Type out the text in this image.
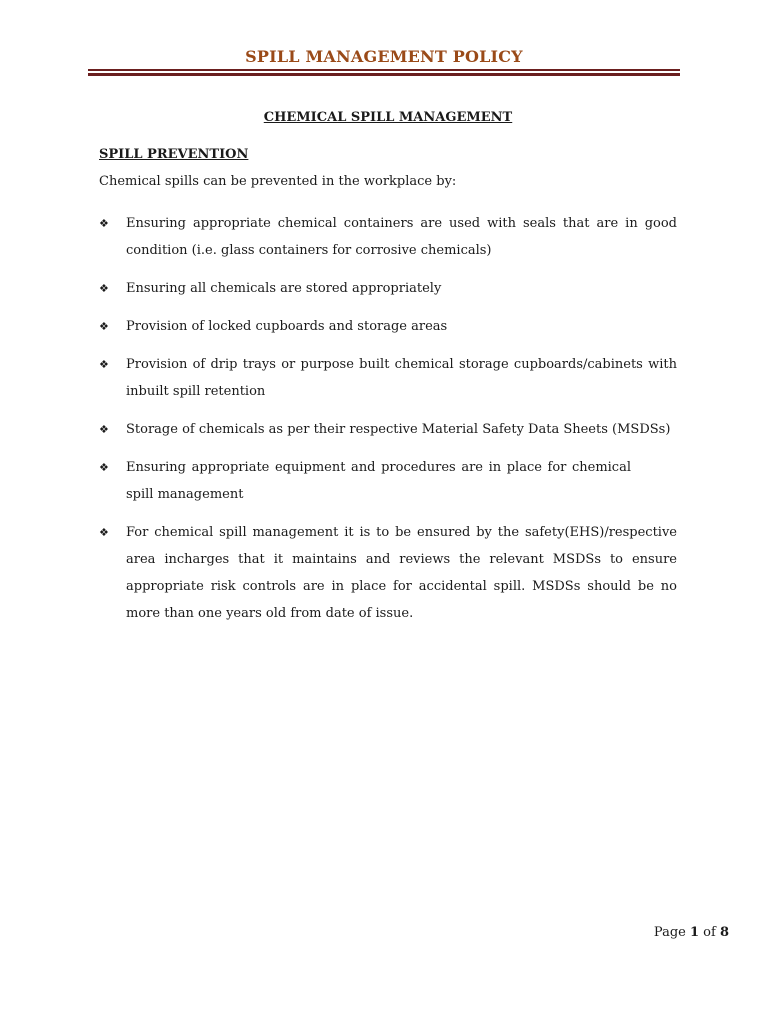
SPILL MANAGEMENT POLICY
CHEMICAL SPILL MANAGEMENT
SPILL PREVENTION
Chemical spills can be prevented in the workplace by:
❖	Ensuring appropriate chemical containers are used with seals that are in good condition (i.e. glass containers for corrosive chemicals)
❖	Ensuring all chemicals are stored appropriately
❖	Provision of locked cupboards and storage areas
❖	Provision of drip trays or purpose built chemical storage cupboards/cabinets with inbuilt spill retention
❖	Storage of chemicals as per their respective Material Safety Data Sheets (MSDSs)
❖	Ensuring appropriate equipment and procedures are in place for chemical spill management
❖	For chemical spill management it is to be ensured by the safety(EHS)/respective area incharges that it maintains and reviews the relevant MSDSs to ensure appropriate risk controls are in place for accidental spill. MSDSs should be no more than one years old from date of issue.
Page 1 of 8
